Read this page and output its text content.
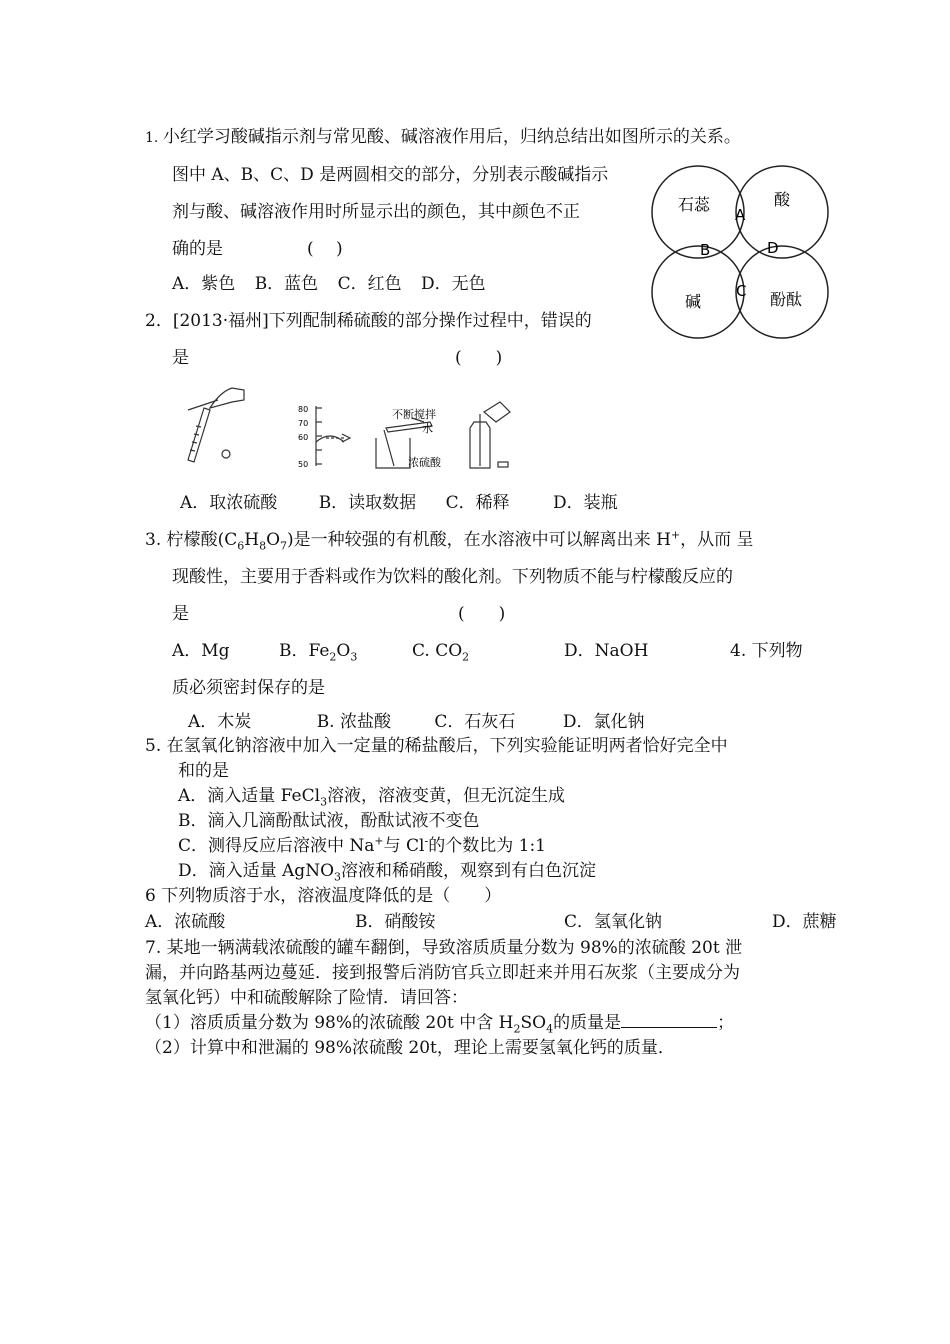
1. 小红学习酸碱指示剂与常见酸、碱溶液作用后，归纳总结出如图所示的关系。
图中 A、B、C、D 是两圆相交的部分，分别表示酸碱指示
剂与酸、碱溶液作用时所显示出的颜色，其中颜色不正
确的是	(　 )
A．紫色 B．蓝色 C．红色 D．无色
石蕊	酸
碱	酚酞
A
B
C
D
2．[2013·福州]下列配制稀硫酸的部分操作过程中，错误的
是	(　　)
80
70
60
50
不断搅拌
水
浓硫酸
A．取浓硫酸 B．读取数据 C．稀释	D．装瓶
3. 柠檬酸$(C_6H_8O_7)$是一种较强的有机酸，在水溶液中可以解离出来 H+，从而 呈
现酸性，主要用于香料或作为饮料的酸化剂。下列物质不能与柠檬酸反应的
是	(　　)
A．Mg	B．$Fe_2O_3$	C. $CO_2$	D．NaOH	4. 下列物
质必须密封保存的是
A．木炭	B. 浓盐酸	C．石灰石	D．氯化钠
5. 在氢氧化钠溶液中加入一定量的稀盐酸后，下列实验能证明两者恰好完全中
和的是
A．滴入适量 FeCl$_3$溶液，溶液变黄，但无沉淀生成
B．滴入几滴酚酞试液，酚酞试液不变色
C．测得反应后溶液中 Na+与 Cl-的个数比为 1:1
D．滴入适量 AgNO$_3$溶液和稀硝酸，观察到有白色沉淀
6 下列物质溶于水，溶液温度降低的是（　　）
A．浓硫酸	B．硝酸铵	C．氢氧化钠	D．蔗糖
7. 某地一辆满载浓硫酸的罐车翻倒，导致溶质质量分数为 98%的浓硫酸 20t 泄
漏，并向路基两边蔓延．接到报警后消防官兵立即赶来并用石灰浆（主要成分为
氢氧化钙）中和硫酸解除了险情．请回答：
（1）溶质质量分数为 98%的浓硫酸 20t 中含 $H_2SO_4$的质量是	；
（2）计算中和泄漏的 98%浓硫酸 20t，理论上需要氢氧化钙的质量．
